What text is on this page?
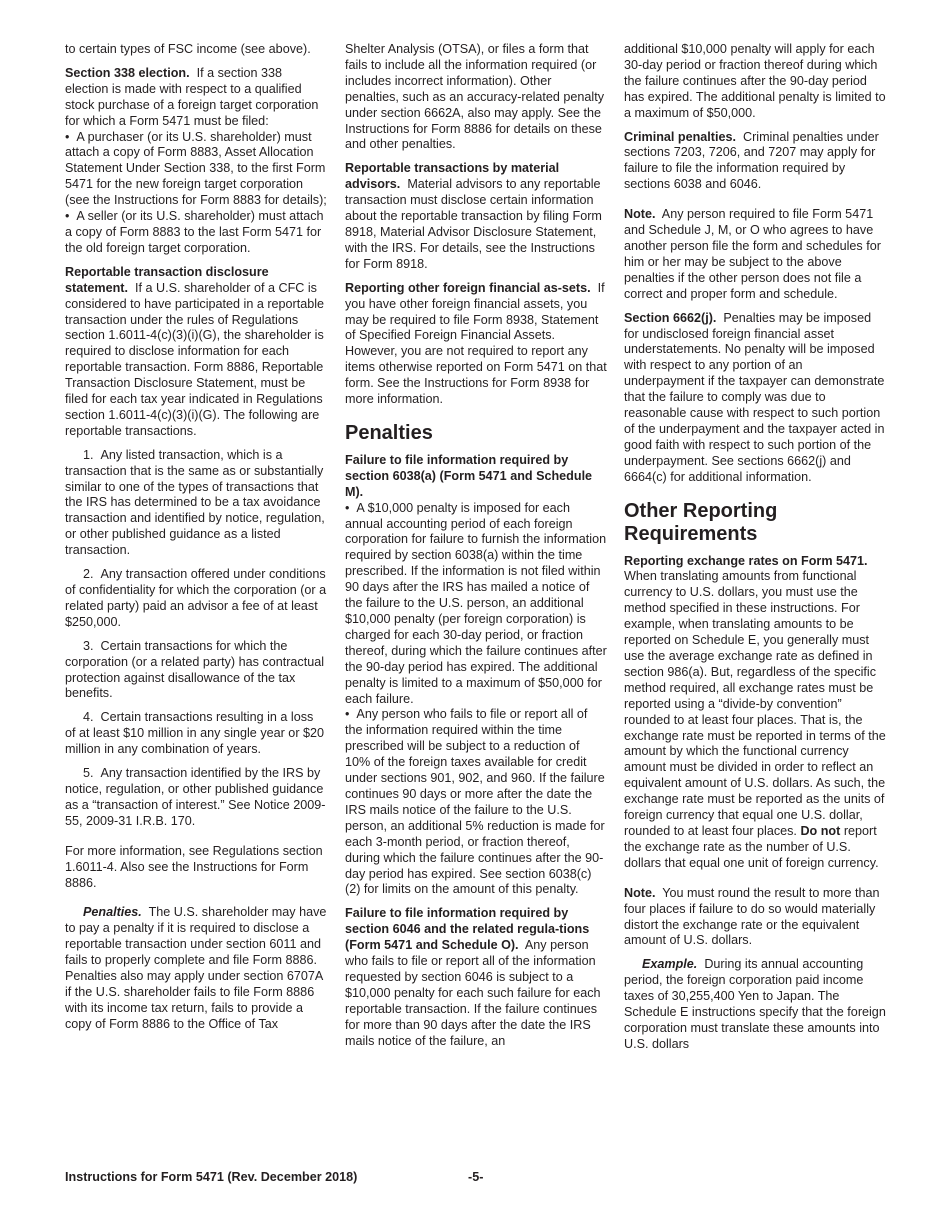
to certain types of FSC income (see above).

Section 338 election. If a section 338 election is made with respect to a qualified stock purchase of a foreign target corporation for which a Form 5471 must be filed:

•  A purchaser (or its U.S. shareholder) must attach a copy of Form 8883, Asset Allocation Statement Under Section 338, to the first Form 5471 for the new foreign target corporation (see the Instructions for Form 8883 for details);

•  A seller (or its U.S. shareholder) must attach a copy of Form 8883 to the last Form 5471 for the old foreign target corporation.

Reportable transaction disclosure statement. If a U.S. shareholder of a CFC is considered to have participated in a reportable transaction under the rules of Regulations section 1.6011-4(c)(3)(i)(G), the shareholder is required to disclose information for each reportable transaction. Form 8886, Reportable Transaction Disclosure Statement, must be filed for each tax year indicated in Regulations section 1.6011-4(c)(3)(i)(G). The following are reportable transactions.

1.  Any listed transaction, which is a transaction that is the same as or substantially similar to one of the types of transactions that the IRS has determined to be a tax avoidance transaction and identified by notice, regulation, or other published guidance as a listed transaction.

2.  Any transaction offered under conditions of confidentiality for which the corporation (or a related party) paid an advisor a fee of at least $250,000.

3.  Certain transactions for which the corporation (or a related party) has contractual protection against disallowance of the tax benefits.

4.  Certain transactions resulting in a loss of at least $10 million in any single year or $20 million in any combination of years.

5.  Any transaction identified by the IRS by notice, regulation, or other published guidance as a “transaction of interest.” See Notice 2009-55, 2009-31 I.R.B. 170.

For more information, see Regulations section 1.6011-4. Also see the Instructions for Form 8886.

Penalties. The U.S. shareholder may have to pay a penalty if it is required to disclose a reportable transaction under section 6011 and fails to properly complete and file Form 8886. Penalties also may apply under section 6707A if the U.S. shareholder fails to file Form 8886 with its income tax return, fails to provide a copy of Form 8886 to the Office of Tax

Shelter Analysis (OTSA), or files a form that fails to include all the information required (or includes incorrect information). Other penalties, such as an accuracy-related penalty under section 6662A, also may apply. See the Instructions for Form 8886 for details on these and other penalties.

Reportable transactions by material advisors. Material advisors to any reportable transaction must disclose certain information about the reportable transaction by filing Form 8918, Material Advisor Disclosure Statement, with the IRS. For details, see the Instructions for Form 8918.

Reporting other foreign financial as-sets. If you have other foreign financial assets, you may be required to file Form 8938, Statement of Specified Foreign Financial Assets. However, you are not required to report any items otherwise reported on Form 5471 on that form. See the Instructions for Form 8938 for more information.

Penalties

Failure to file information required by section 6038(a) (Form 5471 and Schedule M).

•  A $10,000 penalty is imposed for each annual accounting period of each foreign corporation for failure to furnish the information required by section 6038(a) within the time prescribed. If the information is not filed within 90 days after the IRS has mailed a notice of the failure to the U.S. person, an additional $10,000 penalty (per foreign corporation) is charged for each 30-day period, or fraction thereof, during which the failure continues after the 90-day period has expired. The additional penalty is limited to a maximum of $50,000 for each failure.

•  Any person who fails to file or report all of the information required within the time prescribed will be subject to a reduction of 10% of the foreign taxes available for credit under sections 901, 902, and 960. If the failure continues 90 days or more after the date the IRS mails notice of the failure to the U.S. person, an additional 5% reduction is made for each 3-month period, or fraction thereof, during which the failure continues after the 90-day period has expired. See section 6038(c) (2) for limits on the amount of this penalty.

Failure to file information required by section 6046 and the related regula-tions (Form 5471 and Schedule O). Any person who fails to file or report all of the information requested by section 6046 is subject to a $10,000 penalty for each such failure for each reportable transaction. If the failure continues for more than 90 days after the date the IRS mails notice of the failure, an

additional $10,000 penalty will apply for each 30-day period or fraction thereof during which the failure continues after the 90-day period has expired. The additional penalty is limited to a maximum of $50,000.

Criminal penalties. Criminal penalties under sections 7203, 7206, and 7207 may apply for failure to file the information required by sections 6038 and 6046.

Note. Any person required to file Form 5471 and Schedule J, M, or O who agrees to have another person file the form and schedules for him or her may be subject to the above penalties if the other person does not file a correct and proper form and schedule.

Section 6662(j). Penalties may be imposed for undisclosed foreign financial asset understatements. No penalty will be imposed with respect to any portion of an underpayment if the taxpayer can demonstrate that the failure to comply was due to reasonable cause with respect to such portion of the underpayment and the taxpayer acted in good faith with respect to such portion of the underpayment. See sections 6662(j) and 6664(c) for additional information.

Other Reporting Requirements

Reporting exchange rates on Form 5471.  When translating amounts from functional currency to U.S. dollars, you must use the method specified in these instructions. For example, when translating amounts to be reported on Schedule E, you generally must use the average exchange rate as defined in section 986(a). But, regardless of the specific method required, all exchange rates must be reported using a “divide-by convention” rounded to at least four places. That is, the exchange rate must be reported in terms of the amount by which the functional currency amount must be divided in order to reflect an equivalent amount of U.S. dollars. As such, the exchange rate must be reported as the units of foreign currency that equal one U.S. dollar, rounded to at least four places. Do not report the exchange rate as the number of U.S. dollars that equal one unit of foreign currency.

Note. You must round the result to more than four places if failure to do so would materially distort the exchange rate or the equivalent amount of U.S. dollars.

Example. During its annual accounting period, the foreign corporation paid income taxes of 30,255,400 Yen to Japan. The Schedule E instructions specify that the foreign corporation must translate these amounts into U.S. dollars

Instructions for Form 5471 (Rev. December 2018)	-5-
